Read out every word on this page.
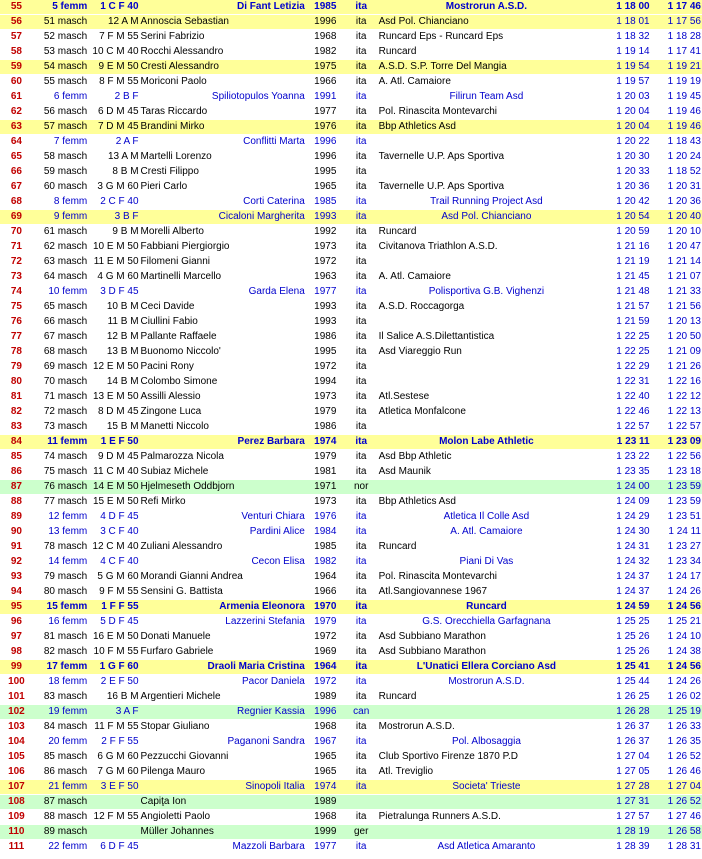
55	5 femm	1 C F 40	Di Fant Letizia	1985	ita	Mostrorun A.S.D.	1 18 00	1 17 46
56	51 masch	12 A M	Annoscia Sebastian	1996	ita	Asd Pol. Chianciano	1 18 01	1 17 56
57	52 masch	7 F M 55	Serini Fabrizio	1968	ita	Runcard Eps - Runcard Eps	1 18 32	1 18 28
58	53 masch	10 C M 40	Rocchi Alessandro	1982	ita	Runcard	1 19 14	1 17 41
59	54 masch	9 E M 50	Cresti Alessandro	1975	ita	A.S.D. S.P. Torre Del Mangia	1 19 54	1 19 21
60	55 masch	8 F M 55	Moriconi Paolo	1966	ita	A. Atl. Camaiore	1 19 57	1 19 19
61	6 femm	2 B F	Spiliotopulos Yoanna	1991	ita	Filirun Team Asd	1 20 03	1 19 45
62	56 masch	6 D M 45	Taras Riccardo	1977	ita	Pol. Rinascita Montevarchi	1 20 04	1 19 46
63	57 masch	7 D M 45	Brandini Mirko	1976	ita	Bbp Athletics Asd	1 20 04	1 19 46
64	7 femm	2 A F	Conflitti Marta	1996	ita		1 20 22	1 18 43
65	58 masch	13 A M	Martelli Lorenzo	1996	ita	Tavernelle U.P. Aps Sportiva	1 20 30	1 20 24
66	59 masch	8 B M	Cresti Filippo	1995	ita		1 20 33	1 18 52
67	60 masch	3 G M 60	Pieri Carlo	1965	ita	Tavernelle U.P. Aps Sportiva	1 20 36	1 20 31
68	8 femm	2 C F 40	Corti Caterina	1985	ita	Trail Running Project Asd	1 20 42	1 20 36
69	9 femm	3 B F	Cicaloni Margherita	1993	ita	Asd Pol. Chianciano	1 20 54	1 20 40
70	61 masch	9 B M	Morelli Alberto	1992	ita	Runcard	1 20 59	1 20 10
71	62 masch	10 E M 50	Fabbiani Piergiorgio	1973	ita	Civitanova Triathlon A.S.D.	1 21 16	1 20 47
72	63 masch	11 E M 50	Filomeni Gianni	1972	ita		1 21 19	1 21 14
73	64 masch	4 G M 60	Martinelli Marcello	1963	ita	A. Atl. Camaiore	1 21 45	1 21 07
74	10 femm	3 D F 45	Garda Elena	1977	ita	Polisportiva G.B. Vighenzi	1 21 48	1 21 33
75	65 masch	10 B M	Ceci Davide	1993	ita	A.S.D. Roccagorga	1 21 57	1 21 56
76	66 masch	11 B M	Ciullini Fabio	1993	ita		1 21 59	1 20 13
77	67 masch	12 B M	Pallante Raffaele	1986	ita	Il Salice A.S.Dilettantistica	1 22 25	1 20 50
78	68 masch	13 B M	Buonomo Niccolo'	1995	ita	Asd Viareggio Run	1 22 25	1 21 09
79	69 masch	12 E M 50	Pacini Rony	1972	ita		1 22 29	1 21 26
80	70 masch	14 B M	Colombo Simone	1994	ita		1 22 31	1 22 16
81	71 masch	13 E M 50	Assilli Alessio	1973	ita	Atl.Sestese	1 22 40	1 22 12
82	72 masch	8 D M 45	Zingone Luca	1979	ita	Atletica Monfalcone	1 22 46	1 22 13
83	73 masch	15 B M	Manetti Niccolo	1986	ita		1 22 57	1 22 57
84	11 femm	1 E F 50	Perez Barbara	1974	ita	Molon Labe Athletic	1 23 11	1 23 09
85	74 masch	9 D M 45	Palmarozza Nicola	1979	ita	Asd Bbp Athletic	1 23 22	1 22 56
86	75 masch	11 C M 40	Subiaz Michele	1981	ita	Asd Maunik	1 23 35	1 23 18
87	76 masch	14 E M 50	Hjelmeseth Oddbjorn	1971	nor		1 24 00	1 23 59
88	77 masch	15 E M 50	Refi Mirko	1973	ita	Bbp Athletics Asd	1 24 09	1 23 59
89	12 femm	4 D F 45	Venturi Chiara	1976	ita	Atletica Il Colle Asd	1 24 29	1 23 51
90	13 femm	3 C F 40	Pardini Alice	1984	ita	A. Atl. Camaiore	1 24 30	1 24 11
91	78 masch	12 C M 40	Zuliani Alessandro	1985	ita	Runcard	1 24 31	1 23 27
92	14 femm	4 C F 40	Cecon Elisa	1982	ita	Piani Di Vas	1 24 32	1 23 34
93	79 masch	5 G M 60	Morandi Gianni Andrea	1964	ita	Pol. Rinascita Montevarchi	1 24 37	1 24 17
94	80 masch	9 F M 55	Sensini G. Battista	1966	ita	Atl.Sangiovannese 1967	1 24 37	1 24 26
95	15 femm	1 F F 55	Armenia Eleonora	1970	ita	Runcard	1 24 59	1 24 56
96	16 femm	5 D F 45	Lazzerini Stefania	1979	ita	G.S. Orecchiella Garfagnana	1 25 25	1 25 21
97	81 masch	16 E M 50	Donati Manuele	1972	ita	Asd Subbiano Marathon	1 25 26	1 24 10
98	82 masch	10 F M 55	Furfaro Gabriele	1969	ita	Asd Subbiano Marathon	1 25 26	1 24 38
99	17 femm	1 G F 60	Draoli Maria Cristina	1964	ita	L'Unatici Ellera Corciano Asd	1 25 41	1 24 56
100	18 femm	2 E F 50	Pacor Daniela	1972	ita	Mostrorun A.S.D.	1 25 44	1 24 26
101	83 masch	16 B M	Argentieri Michele	1989	ita	Runcard	1 26 25	1 26 02
102	19 femm	3 A F	Regnier Kassia	1996	can		1 26 28	1 25 19
103	84 masch	11 F M 55	Stopar Giuliano	1968	ita	Mostrorun A.S.D.	1 26 37	1 26 33
104	20 femm	2 F F 55	Paganoni Sandra	1967	ita	Pol. Albosaggia	1 26 37	1 26 35
105	85 masch	6 G M 60	Pezzucchi Giovanni	1965	ita	Club Sportivo Firenze 1870 P.D	1 27 04	1 26 52
106	86 masch	7 G M 60	Pilenga Mauro	1965	ita	Atl. Treviglio	1 27 05	1 26 46
107	21 femm	3 E F 50	Sinopoli Italia	1974	ita	Societa' Trieste	1 27 28	1 27 04
108	87 masch		Capiţa Ion	1989			1 27 31	1 26 52
109	88 masch	12 F M 55	Angioletti Paolo	1968	ita	Pietralunga Runners A.S.D.	1 27 57	1 27 46
110	89 masch		Müller Johannes	1999	ger		1 28 19	1 26 58
111	22 femm	6 D F 45	Mazzoli Barbara	1977	ita	Asd Atletica Amaranto	1 28 39	1 28 31
